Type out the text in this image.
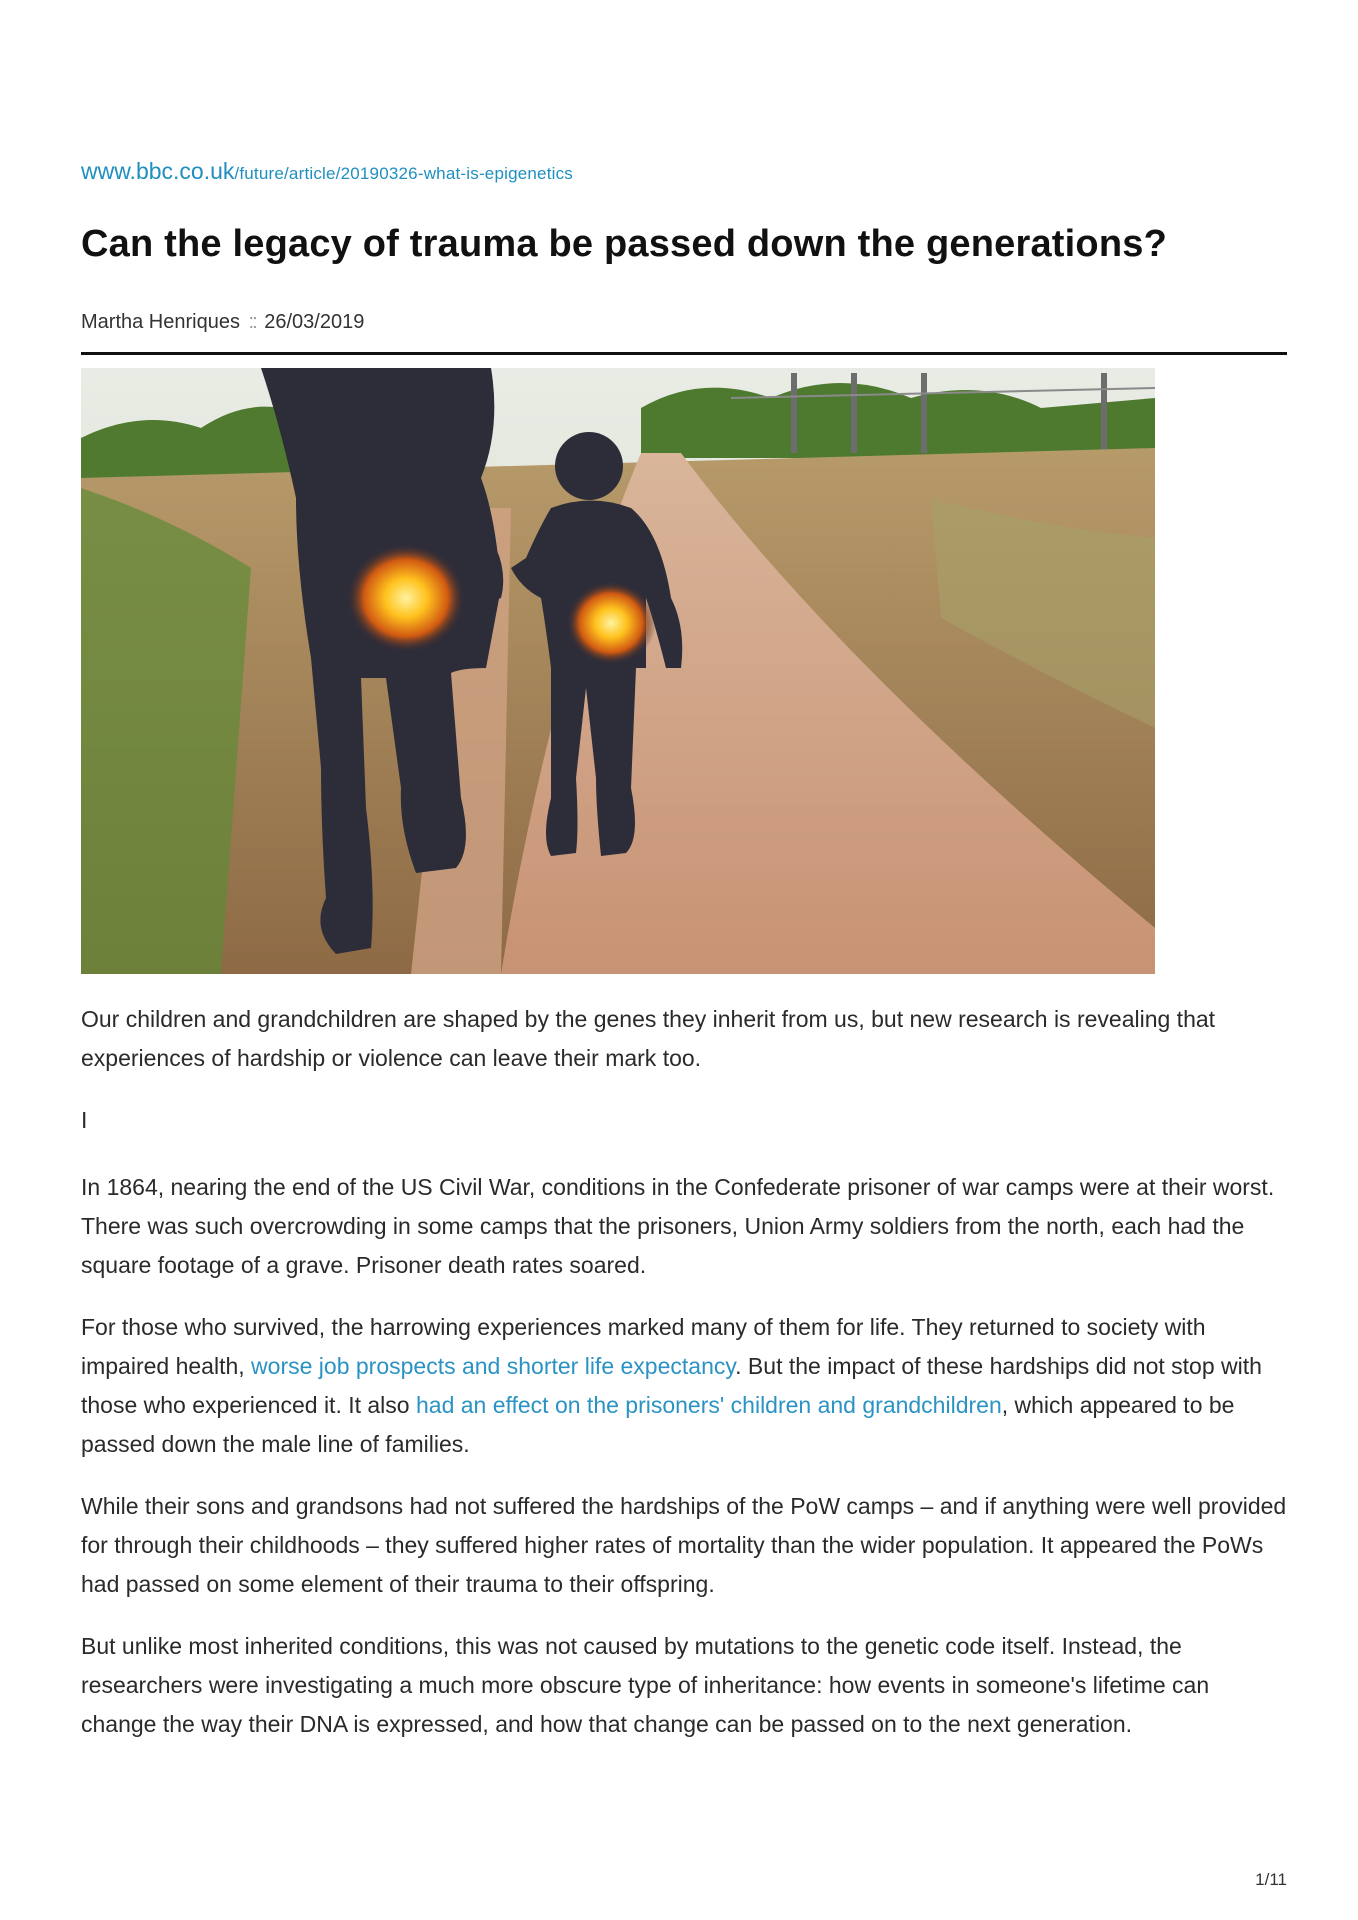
www.bbc.co.uk/future/article/20190326-what-is-epigenetics
Can the legacy of trauma be passed down the generations?
Martha Henriques :: 26/03/2019

Our children and grandchildren are shaped by the genes they inherit from us, but new research is revealing that experiences of hardship or violence can leave their mark too.

I

In 1864, nearing the end of the US Civil War, conditions in the Confederate prisoner of war camps were at their worst. There was such overcrowding in some camps that the prisoners, Union Army soldiers from the north, each had the square footage of a grave. Prisoner death rates soared.

For those who survived, the harrowing experiences marked many of them for life. They returned to society with impaired health, worse job prospects and shorter life expectancy. But the impact of these hardships did not stop with those who experienced it. It also had an effect on the prisoners' children and grandchildren, which appeared to be passed down the male line of families.

While their sons and grandsons had not suffered the hardships of the PoW camps – and if anything were well provided for through their childhoods – they suffered higher rates of mortality than the wider population. It appeared the PoWs had passed on some element of their trauma to their offspring.

But unlike most inherited conditions, this was not caused by mutations to the genetic code itself. Instead, the researchers were investigating a much more obscure type of inheritance: how events in someone's lifetime can change the way their DNA is expressed, and how that change can be passed on to the next generation.

1/11
